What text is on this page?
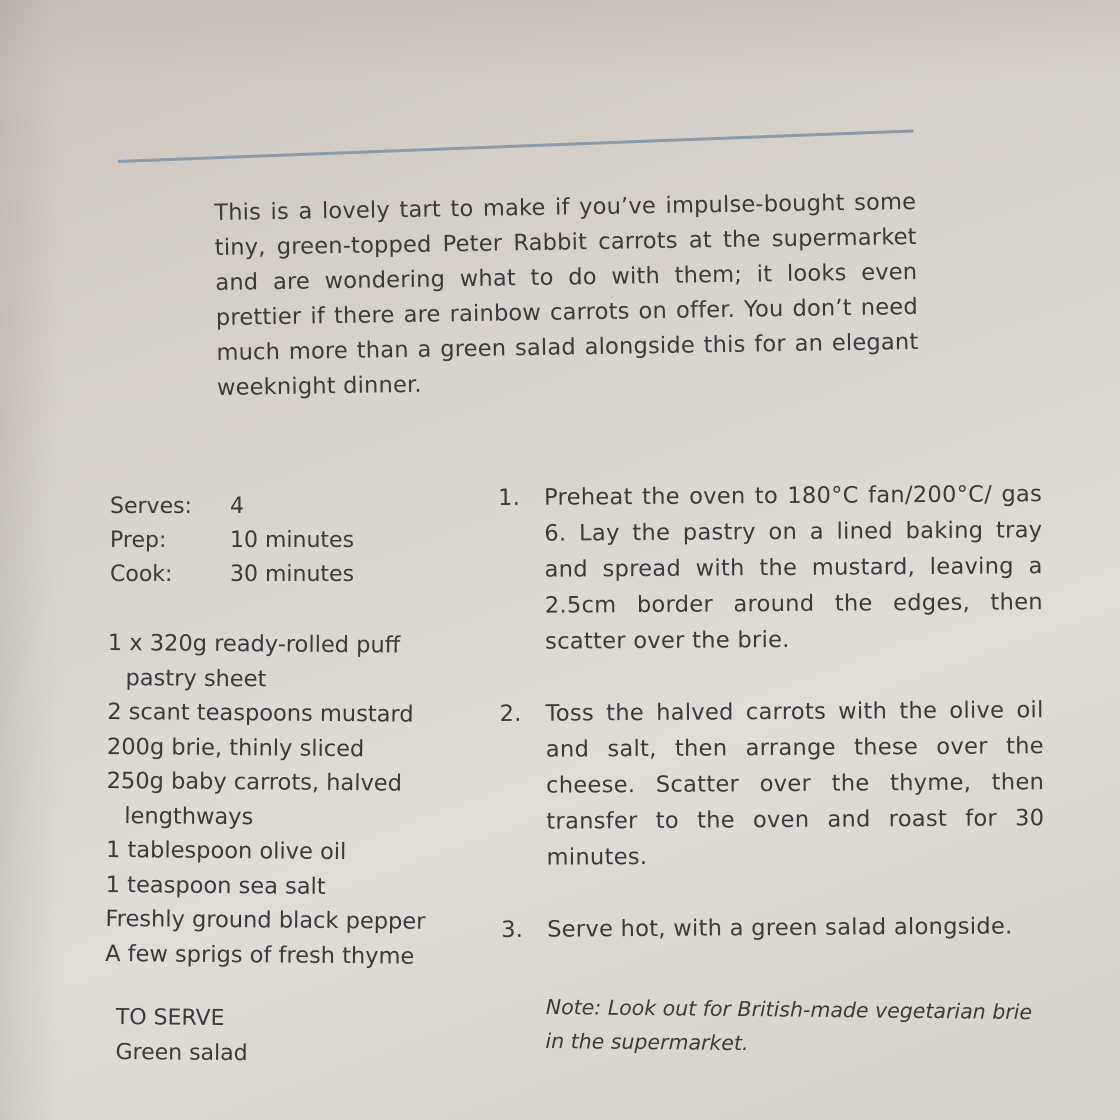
This is a lovely tart to make if you’ve impulse-bought some tiny, green-topped Peter Rabbit carrots at the supermarket and are wondering what to do with them; it looks even prettier if there are rainbow carrots on offer. You don’t need much more than a green salad alongside this for an elegant weeknight dinner.

Serves:	4
Prep:	10 minutes
Cook:	30 minutes
1 x 320g ready-rolled puff pastry sheet
2 scant teaspoons mustard
200g brie, thinly sliced
250g baby carrots, halved lengthways
1 tablespoon olive oil
1 teaspoon sea salt
Freshly ground black pepper
A few sprigs of fresh thyme
TO SERVE
Green salad
1.	Preheat the oven to 180°C fan/200°C/ gas 6. Lay the pastry on a lined baking tray and spread with the mustard, leaving a 2.5cm border around the edges, then scatter over the brie.
2.	Toss the halved carrots with the olive oil and salt, then arrange these over the cheese. Scatter over the thyme, then transfer to the oven and roast for 30 minutes.
3.	Serve hot, with a green salad alongside.
Note: Look out for British-made vegetarian brie in the supermarket.
